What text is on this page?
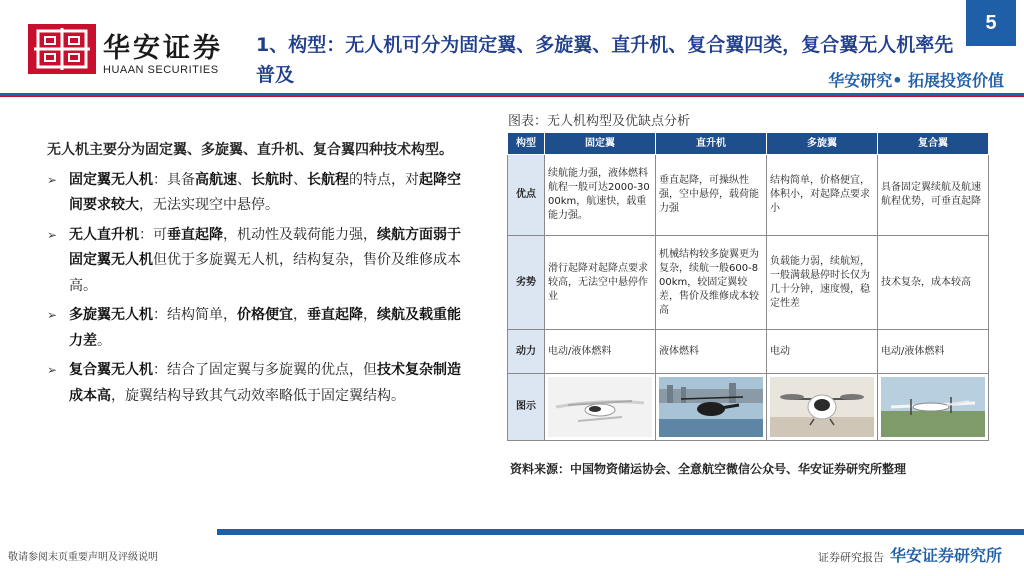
华安证券
HUAAN SECURITIES
1、构型：无人机可分为固定翼、多旋翼、直升机、复合翼四类，复合翼无人机率先普及
5
华安研究• 拓展投资价值
无人机主要分为固定翼、多旋翼、直升机、复合翼四种技术构型。
➢ 固定翼无人机：具备高航速、长航时、长航程的特点，对起降空间要求较大，无法实现空中悬停。
➢ 无人直升机：可垂直起降，机动性及载荷能力强，续航方面弱于固定翼无人机但优于多旋翼无人机，结构复杂，售价及维修成本高。
➢ 多旋翼无人机：结构简单，价格便宜，垂直起降，续航及载重能力差。
➢ 复合翼无人机：结合了固定翼与多旋翼的优点，但技术复杂制造成本高，旋翼结构导致其气动效率略低于固定翼结构。
图表：无人机构型及优缺点分析
构型	固定翼	直升机	多旋翼	复合翼
优点	续航能力强，液体燃料航程一般可达2000-3000km，航速快，载重能力强。	垂直起降，可操纵性强，空中悬停，载荷能力强	结构简单，价格便宜，体积小，对起降点要求小	具备固定翼续航及航速航程优势，可垂直起降
劣势	滑行起降对起降点要求较高，无法空中悬停作业	机械结构较多旋翼更为复杂，续航一般600-800km，较固定翼较差，售价及维修成本较高	负载能力弱，续航短，一般满载悬停时长仅为几十分钟，速度慢，稳定性差	技术复杂，成本较高
动力	电动/液体燃料	液体燃料	电动	电动/液体燃料
图示	

资料来源：中国物资储运协会、全意航空微信公众号、华安证券研究所整理
敬请参阅末页重要声明及评级说明	证券研究报告 华安证券研究所
